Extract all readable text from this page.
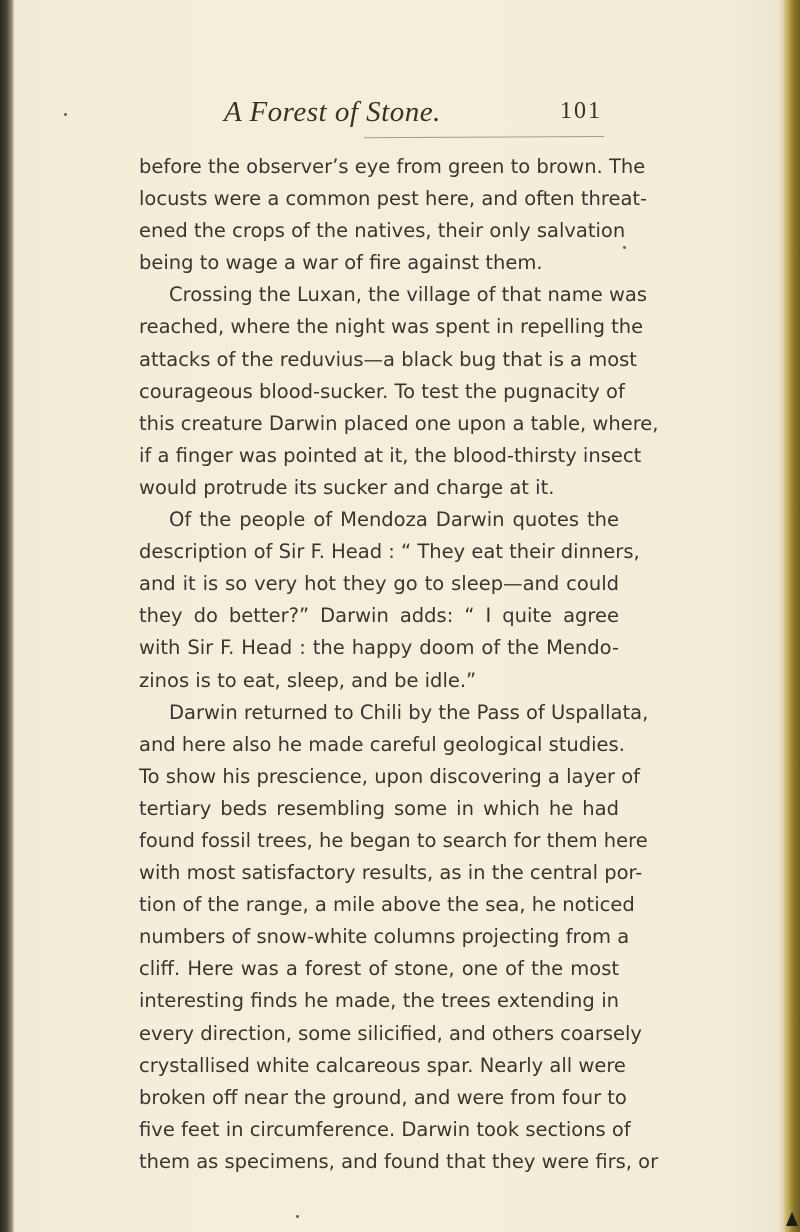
A Forest of Stone.	101
before the observer’s eye from green to brown. The
locusts were a common pest here, and often threat-
ened the crops of the natives, their only salvation
being to wage a war of fire against them.
Crossing the Luxan, the village of that name was
reached, where the night was spent in repelling the
attacks of the reduvius—a black bug that is a most
courageous blood-sucker. To test the pugnacity of
this creature Darwin placed one upon a table, where,
if a finger was pointed at it, the blood-thirsty insect
would protrude its sucker and charge at it.
Of the people of Mendoza Darwin quotes the
description of Sir F. Head : “ They eat their dinners,
and it is so very hot they go to sleep—and could
they do better?” Darwin adds: “ I quite agree
with Sir F. Head : the happy doom of the Mendo-
zinos is to eat, sleep, and be idle.”
Darwin returned to Chili by the Pass of Uspallata,
and here also he made careful geological studies.
To show his prescience, upon discovering a layer of
tertiary beds resembling some in which he had
found fossil trees, he began to search for them here
with most satisfactory results, as in the central por-
tion of the range, a mile above the sea, he noticed
numbers of snow-white columns projecting from a
cliff. Here was a forest of stone, one of the most
interesting finds he made, the trees extending in
every direction, some silicified, and others coarsely
crystallised white calcareous spar. Nearly all were
broken off near the ground, and were from four to
five feet in circumference. Darwin took sections of
them as specimens, and found that they were firs, or
